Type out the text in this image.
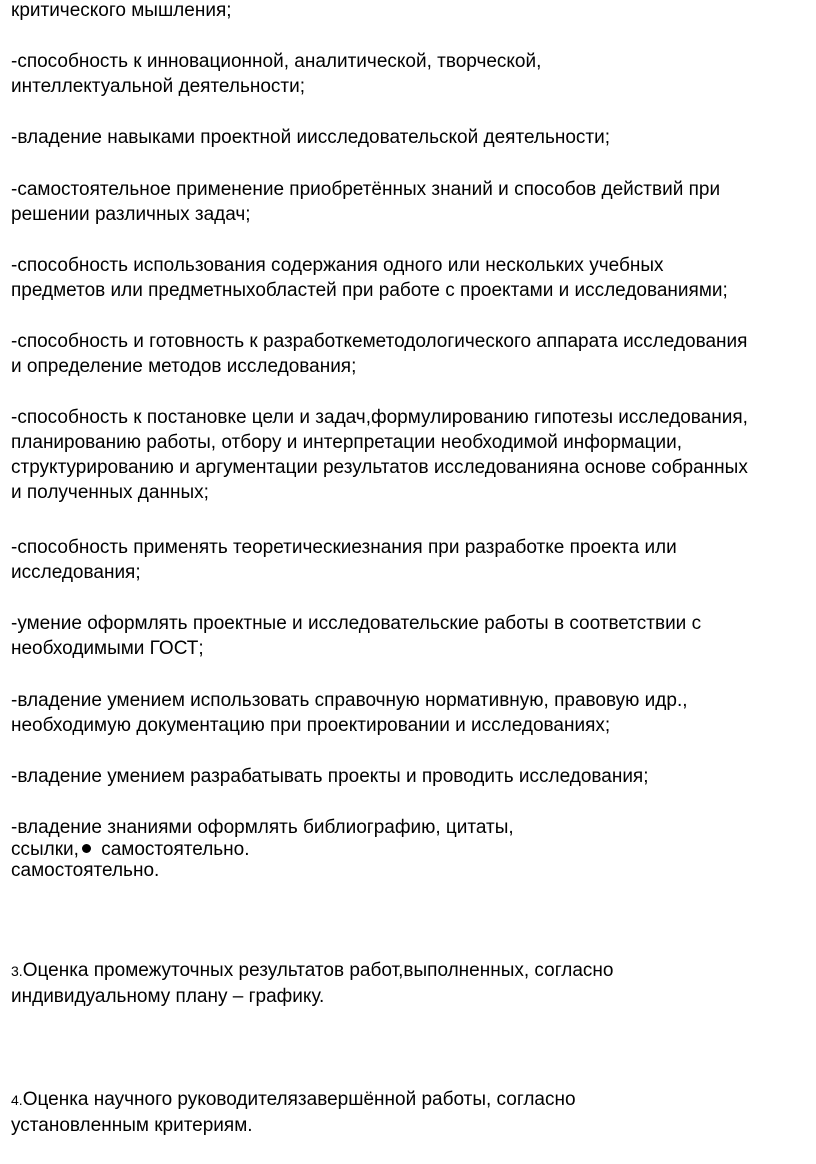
критического мышления;

-способность к инновационной, аналитической, творческой,
интеллектуальной деятельности;

-владение навыками проектной иисследовательской деятельности;

-самостоятельное применение приобретённых знаний и способов действий при
решении различных задач;

-способность использования содержания одного или нескольких учебных
предметов или предметныхобластей при работе с проектами и исследованиями;

-способность и готовность к разработкеметодологического аппарата исследования
и определение методов исследования;

-способность к постановке цели и задач,формулированию гипотезы исследования,
планированию работы, отбору и интерпретации необходимой информации,
структурированию и аргументации результатов исследованияна основе собранных
и полученных данных;

-способность применять теоретическиезнания при разработке проекта или
исследования;

-умение оформлять проектные и исследовательские работы в соответствии с
необходимыми ГОСТ;

-владение умением использовать справочную нормативную, правовую идр.,
необходимую документацию при проектировании и исследованиях;

-владение умением разрабатывать проекты и проводить исследования;

-владение знаниями оформлять библиографию, цитаты,
ссылки, самостоятельно.
самостоятельно.
3.Оценка промежуточных результатов работ,выполненных, согласно
индивидуальному плану – графику.
4.Оценка научного руководителязавершённой работы, согласно
установленным критериям.
